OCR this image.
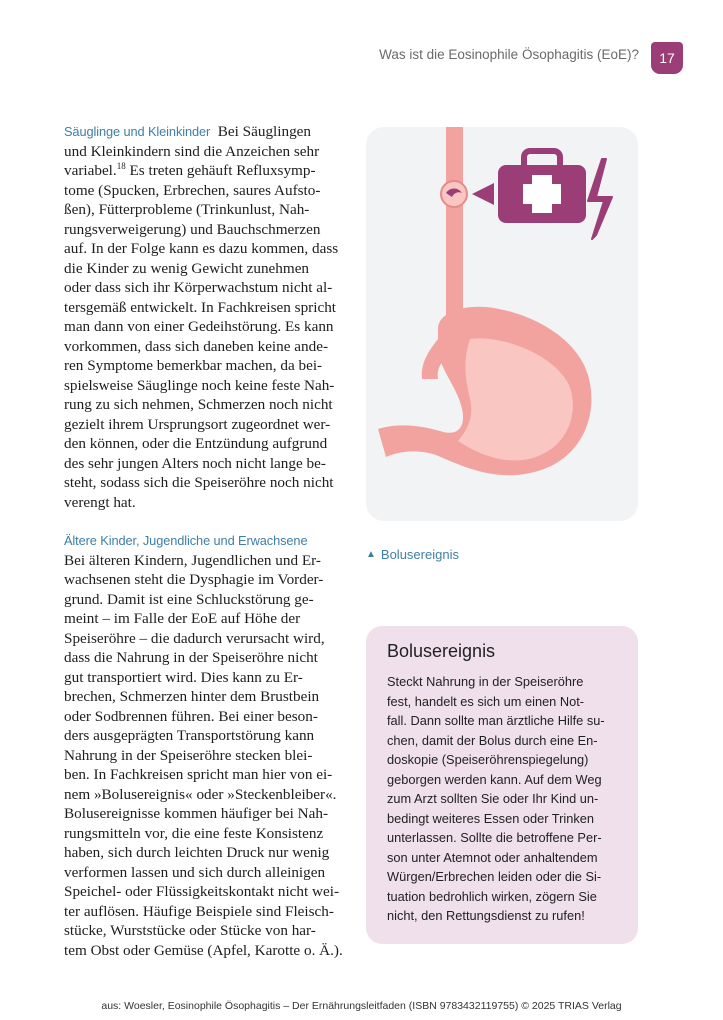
Was ist die Eosinophile Ösophagitis (EoE)?	17

Säuglinge und Kleinkinder Bei Säuglingen
und Kleinkindern sind die Anzeichen sehr
variabel.$^{18}$ Es treten gehäuft Refluxsymp-
tome (Spucken, Erbrechen, saures Aufsto-
ßen), Fütterprobleme (Trinkunlust, Nah-
rungsverweigerung) und Bauchschmerzen
auf. In der Folge kann es dazu kommen, dass
die Kinder zu wenig Gewicht zunehmen
oder dass sich ihr Körperwachstum nicht al-
tersgemäß entwickelt. In Fachkreisen spricht
man dann von einer Gedeihstörung. Es kann
vorkommen, dass sich daneben keine ande-
ren Symptome bemerkbar machen, da bei-
spielsweise Säuglinge noch keine feste Nah-
rung zu sich nehmen, Schmerzen noch nicht
gezielt ihrem Ursprungsort zugeordnet wer-
den können, oder die Entzündung aufgrund
des sehr jungen Alters noch nicht lange be-
steht, sodass sich die Speiseröhre noch nicht
verengt hat.

Ältere Kinder, Jugendliche und Erwachsene
Bei älteren Kindern, Jugendlichen und Er-
wachsenen steht die Dysphagie im Vorder-
grund. Damit ist eine Schluckstörung ge-
meint – im Falle der EoE auf Höhe der
Speiseröhre – die dadurch verursacht wird,
dass die Nahrung in der Speiseröhre nicht
gut transportiert wird. Dies kann zu Er-
brechen, Schmerzen hinter dem Brustbein
oder Sodbrennen führen. Bei einer beson-
ders ausgeprägten Transportstörung kann
Nahrung in der Speiseröhre stecken blei-
ben. In Fachkreisen spricht man hier von ei-
nem »Bolusereignis« oder »Steckenbleiber«.
Bolusereignisse kommen häufiger bei Nah-
rungsmitteln vor, die eine feste Konsistenz
haben, sich durch leichten Druck nur wenig
verformen lassen und sich durch alleinigen
Speichel- oder Flüssigkeitskontakt nicht wei-
ter auflösen. Häufige Beispiele sind Fleisch-
stücke, Wurststücke oder Stücke von har-
tem Obst oder Gemüse (Apfel, Karotte o. Ä.).

▲ Bolusereignis
Bolusereignis
Steckt Nahrung in der Speiseröhre
fest, handelt es sich um einen Not-
fall. Dann sollte man ärztliche Hilfe su-
chen, damit der Bolus durch eine En-
doskopie (Speiseröhrenspiegelung)
geborgen werden kann. Auf dem Weg
zum Arzt sollten Sie oder Ihr Kind un-
bedingt weiteres Essen oder Trinken
unterlassen. Sollte die betroffene Per-
son unter Atemnot oder anhaltendem
Würgen/Erbrechen leiden oder die Si-
tuation bedrohlich wirken, zögern Sie
nicht, den Rettungsdienst zu rufen!
aus: Woesler, Eosinophile Ösophagitis – Der Ernährungsleitfaden (ISBN 9783432119755) © 2025 TRIAS Verlag
